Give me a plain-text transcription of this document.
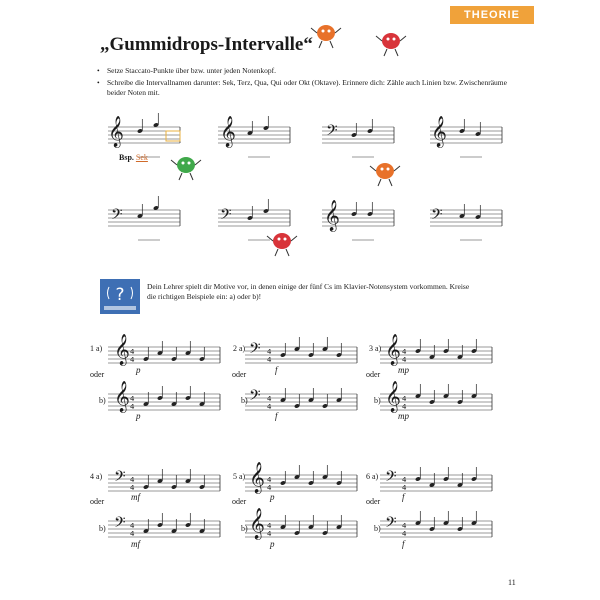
THEORIE
„Gummidrops-Intervalle“
• Setze Staccato-Punkte über bzw. unter jeden Notenkopf.
• Schreibe die Intervallnamen darunter: Sek, Terz, Qua, Qui oder Okt (Oktave). Erinnere dich: Zähle auch Linien bzw. Zwischenräume beider Noten mit.
4
4
4
4
4
4
4
4
4
4
4
4
4
4
4
4
4
4
4
4
4
4
4
4
Bsp. Sek
?	Dein Lehrer spielt dir Motive vor, in denen einige der fünf Cs im Klavier-Notensystem vorkommen. Kreise die richtigen Beispiele ein: a) oder b)!
1 a)	2 a)	3 a)
oder	oder	oder
b)	b)	b)
4 a)	5 a)	6 a)
oder	oder	oder
b)	b)	b)
𝄞	𝄞	𝄢	𝄞
𝄢	𝄢	𝄞	𝄢
𝄞
𝄞
𝄢
𝄢
𝄞
𝄞
𝄢
𝄢
𝄞
𝄞
𝄢
𝄢
p
p
f
f
mp
mp
mf
mf
p
p
f
f
11
